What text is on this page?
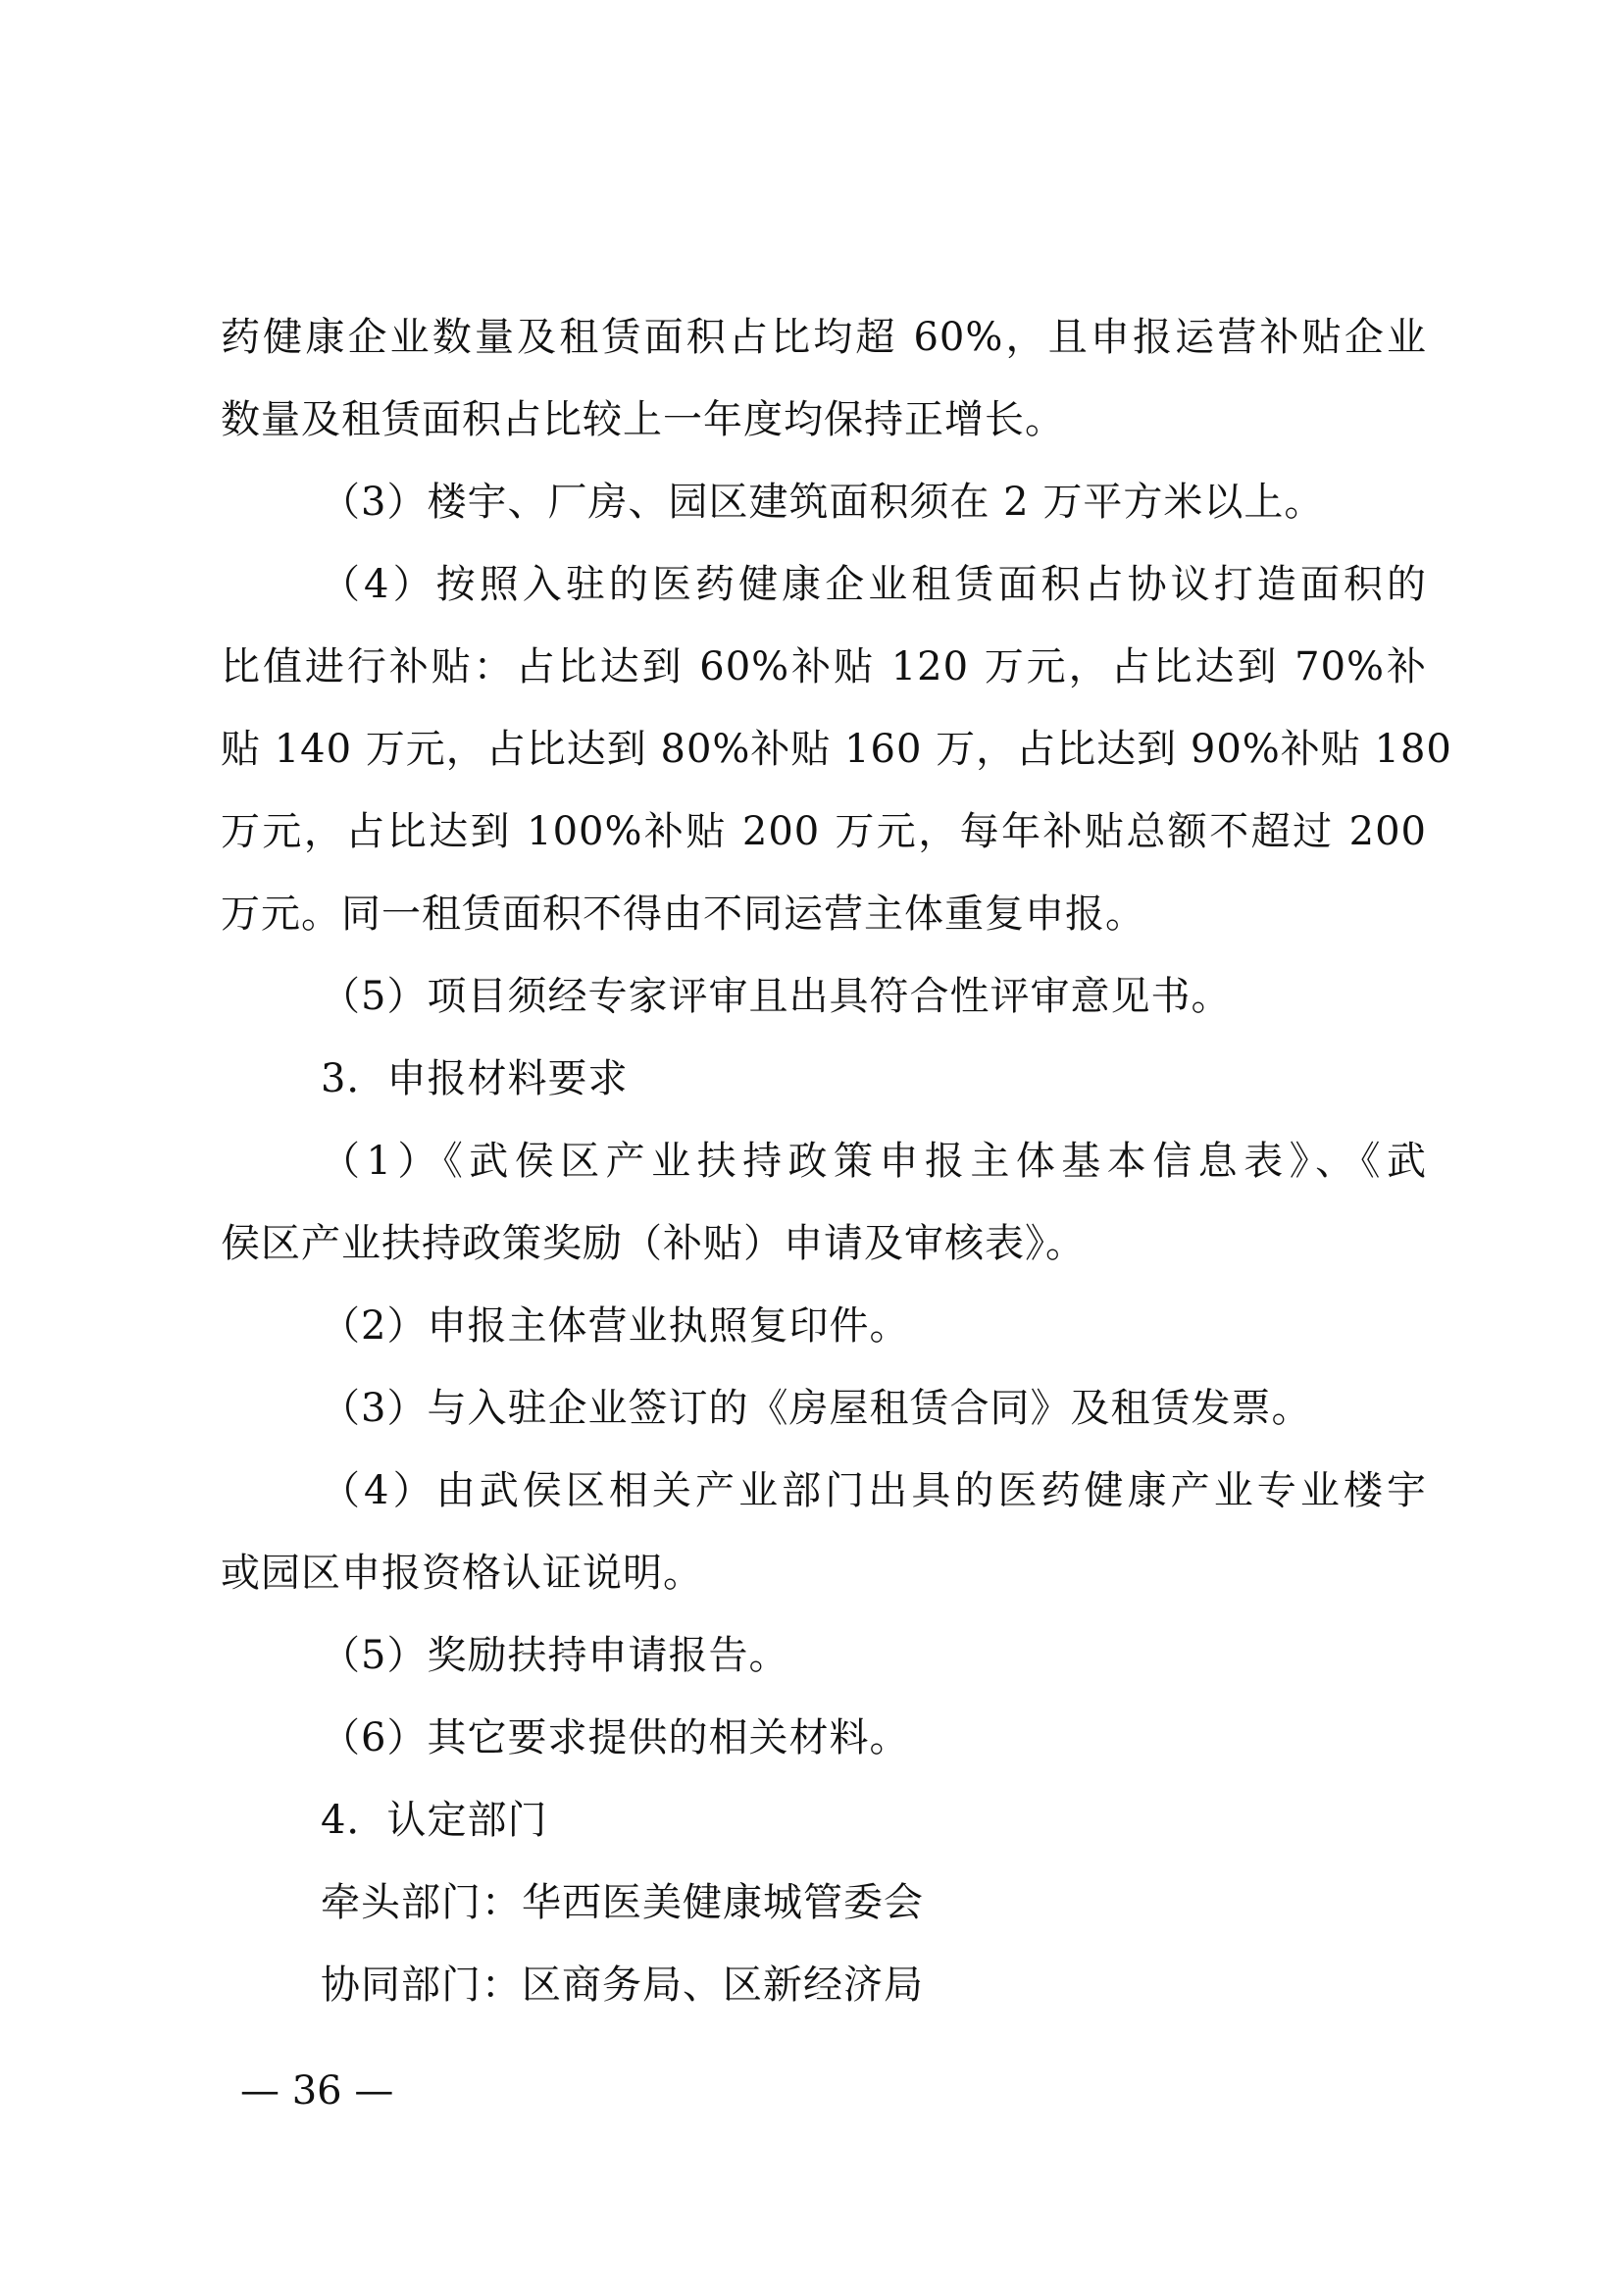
药健康企业数量及租赁面积占比均超 60%，且申报运营补贴企业
数量及租赁面积占比较上一年度均保持正增长。
（3）楼宇、厂房、园区建筑面积须在 2 万平方米以上。
（4）按照入驻的医药健康企业租赁面积占协议打造面积的
比值进行补贴：占比达到 60%补贴 120 万元，占比达到 70%补
贴 140 万元，占比达到 80%补贴 160 万，占比达到 90%补贴 180
万元，占比达到 100%补贴 200 万元，每年补贴总额不超过 200
万元。同一租赁面积不得由不同运营主体重复申报。
（5）项目须经专家评审且出具符合性评审意见书。
3．申报材料要求
（1）《武侯区产业扶持政策申报主体基本信息表》、《武
侯区产业扶持政策奖励（补贴）申请及审核表》。
（2）申报主体营业执照复印件。
（3）与入驻企业签订的《房屋租赁合同》及租赁发票。
（4）由武侯区相关产业部门出具的医药健康产业专业楼宇
或园区申报资格认证说明。
（5）奖励扶持申请报告。
（6）其它要求提供的相关材料。
4．认定部门
牵头部门：华西医美健康城管委会
协同部门：区商务局、区新经济局
— 36 —
